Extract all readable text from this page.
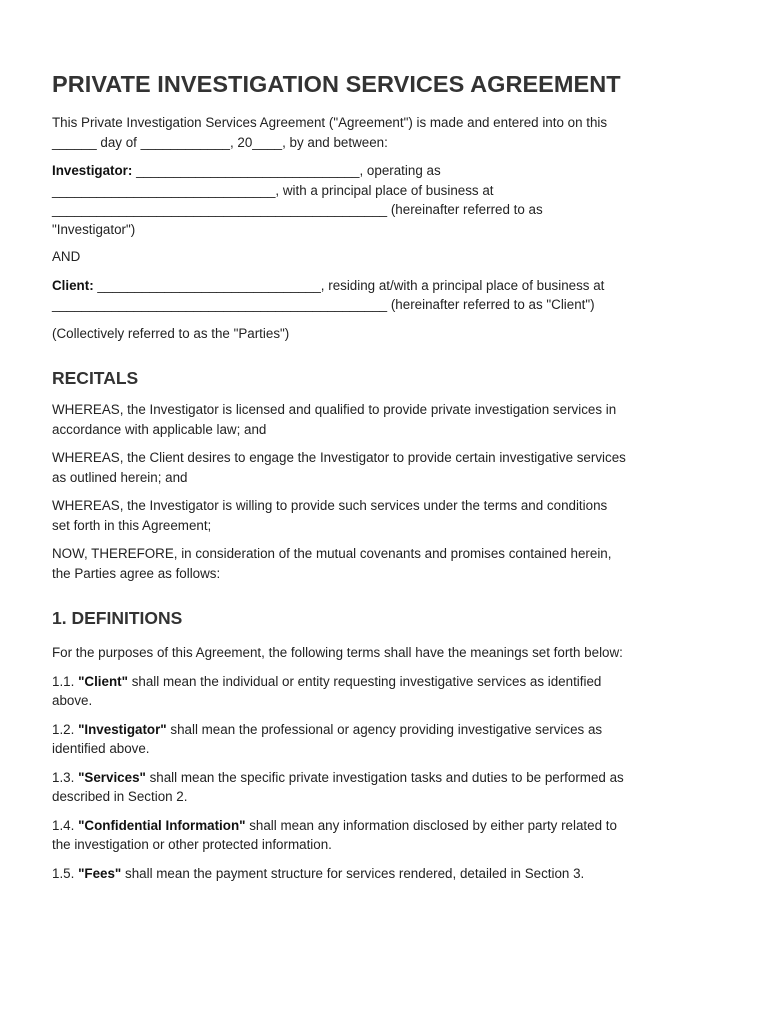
PRIVATE INVESTIGATION SERVICES AGREEMENT

This Private Investigation Services Agreement ("Agreement") is made and entered into on this
______ day of ____________, 20____, by and between:

Investigator: ______________________________, operating as
______________________________, with a principal place of business at
_____________________________________________ (hereinafter referred to as
"Investigator")

AND

Client: ______________________________, residing at/with a principal place of business at
_____________________________________________ (hereinafter referred to as "Client")

(Collectively referred to as the "Parties")

RECITALS

WHEREAS, the Investigator is licensed and qualified to provide private investigation services in
accordance with applicable law; and

WHEREAS, the Client desires to engage the Investigator to provide certain investigative services
as outlined herein; and

WHEREAS, the Investigator is willing to provide such services under the terms and conditions
set forth in this Agreement;

NOW, THEREFORE, in consideration of the mutual covenants and promises contained herein,
the Parties agree as follows:

1. DEFINITIONS

For the purposes of this Agreement, the following terms shall have the meanings set forth below:

1.1. "Client" shall mean the individual or entity requesting investigative services as identified
above.

1.2. "Investigator" shall mean the professional or agency providing investigative services as
identified above.

1.3. "Services" shall mean the specific private investigation tasks and duties to be performed as
described in Section 2.

1.4. "Confidential Information" shall mean any information disclosed by either party related to
the investigation or other protected information.

1.5. "Fees" shall mean the payment structure for services rendered, detailed in Section 3.
